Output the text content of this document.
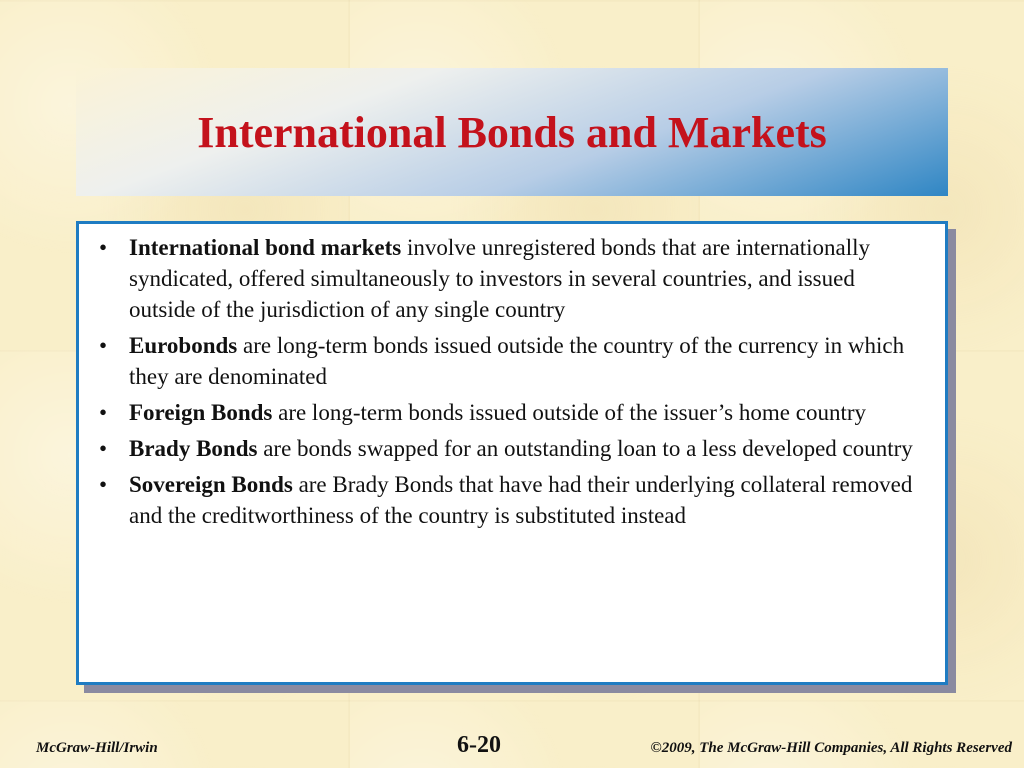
International Bonds and Markets
• International bond markets involve unregistered bonds that are internationally syndicated, offered simultaneously to investors in several countries, and issued outside of the jurisdiction of any single country
• Eurobonds are long-term bonds issued outside the country of the currency in which they are denominated
• Foreign Bonds are long-term bonds issued outside of the issuer’s home country
• Brady Bonds are bonds swapped for an outstanding loan to a less developed country
• Sovereign Bonds are Brady Bonds that have had their underlying collateral removed and the creditworthiness of the country is substituted instead
McGraw-Hill/Irwin	6-20	©2009, The McGraw-Hill Companies, All Rights Reserved
